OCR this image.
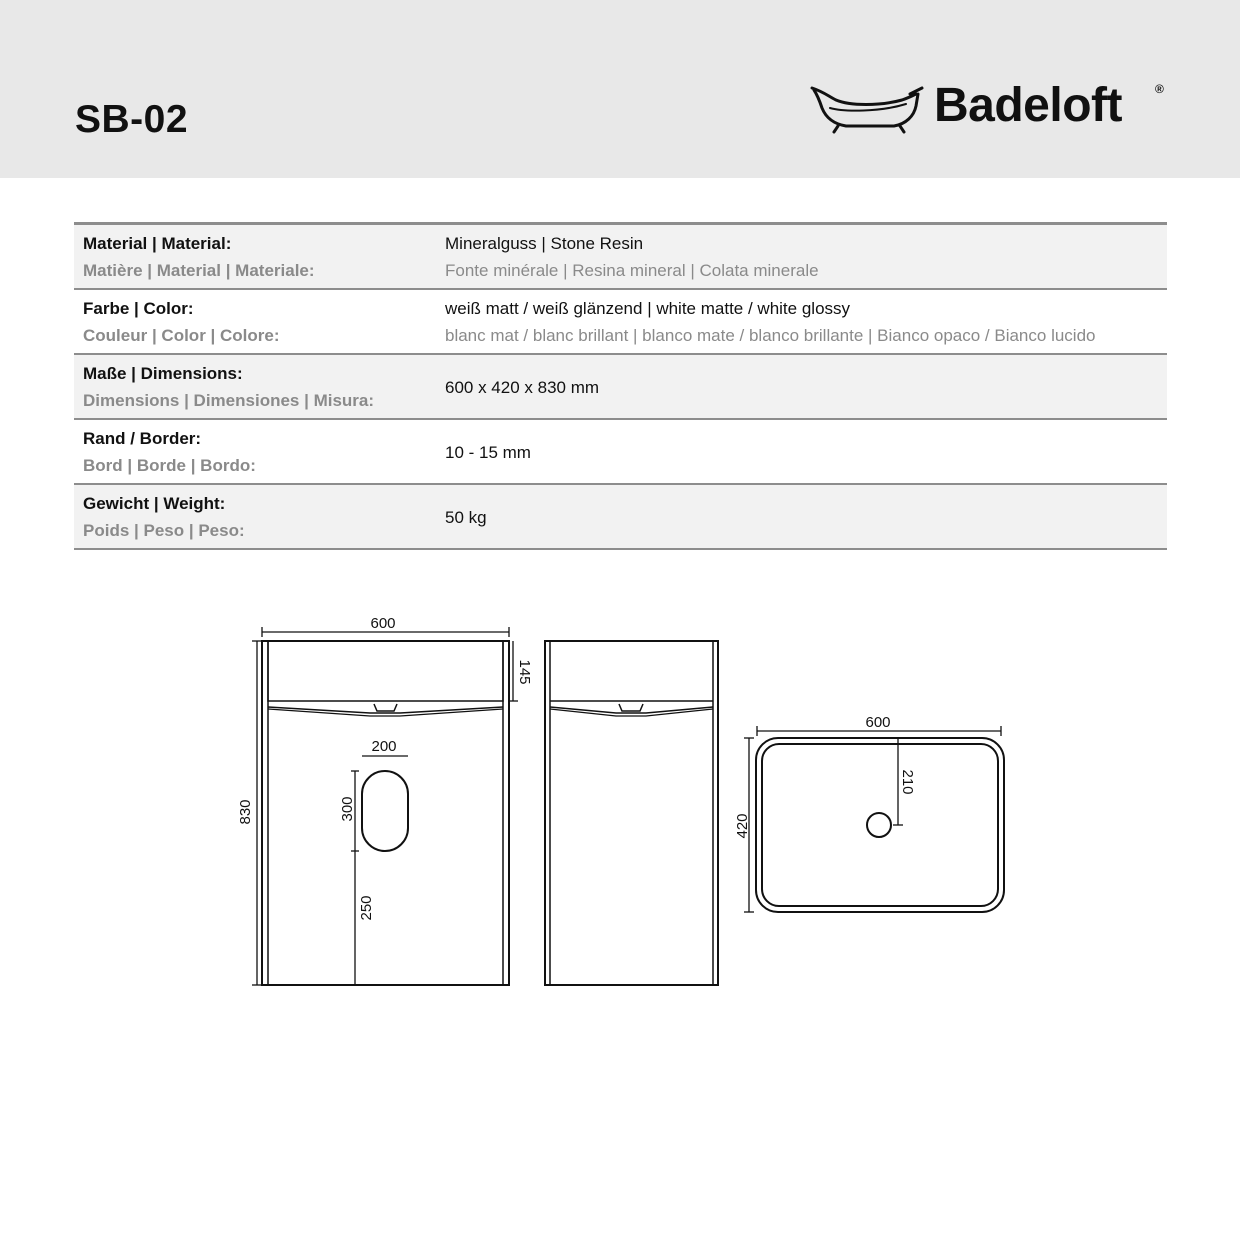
SB-02	Badeloft	®
Material | Material:
Matière | Material | Materiale:
Mineralguss | Stone Resin
Fonte minérale | Resina mineral | Colata minerale
Farbe | Color:
Couleur | Color | Colore:
weiß matt / weiß glänzend | white matte / white glossy
blanc mat / blanc brillant | blanco mate / blanco brillante | Bianco opaco / Bianco lucido
Maße | Dimensions:
Dimensions | Dimensiones | Misura:
600 x 420 x 830 mm
Rand / Border:
Bord | Borde | Bordo:
10 - 15 mm
Gewicht | Weight:
Poids | Peso | Peso:
50 kg
600
830
145
200
300
250
600
420
210
